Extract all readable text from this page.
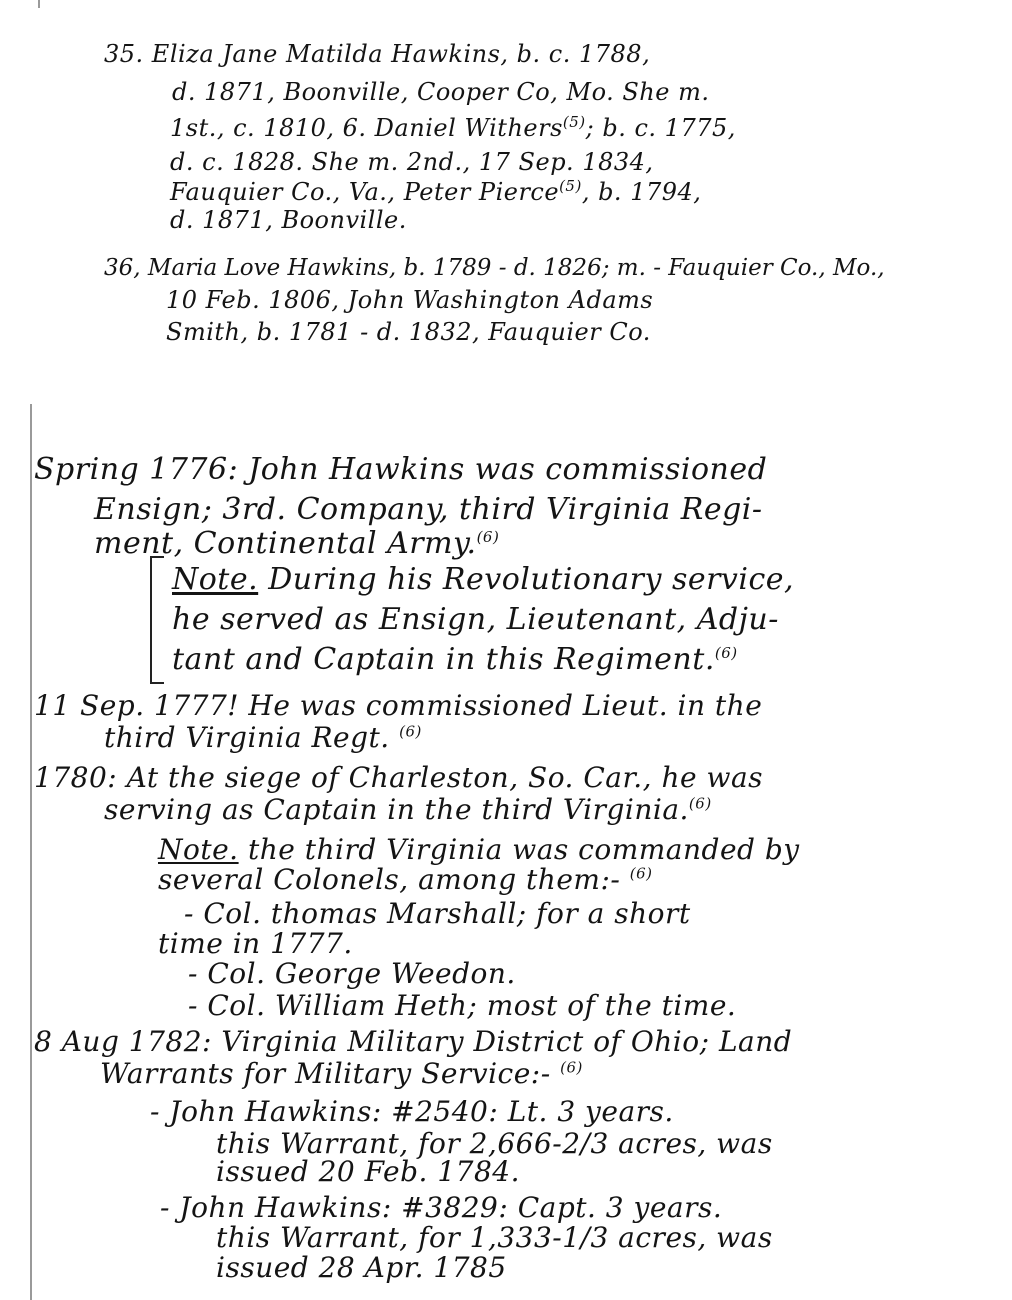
35. Eliza Jane Matilda Hawkins, b. c. 1788,
d. 1871, Boonville, Cooper Co, Mo. She m.
1st., c. 1810, 6. Daniel Withers$^{(5)}$; b. c. 1775,
d. c. 1828. She m. 2nd., 17 Sep. 1834,
Fauquier Co., Va., Peter Pierce$^{(5)}$, b. 1794,
d. 1871, Boonville.
36, Maria Love Hawkins, b. 1789 - d. 1826; m. - Fauquier Co., Mo.,
10 Feb. 1806, John Washington Adams
Smith, b. 1781 - d. 1832, Fauquier Co.
Spring 1776: John Hawkins was commissioned
Ensign; 3rd. Company, third Virginia Regi-
ment, Continental Army.$^{(6)}$
Note. During his Revolutionary service,
he served as Ensign, Lieutenant, Adju-
tant and Captain in this Regiment.$^{(6)}$
11 Sep. 1777! He was commissioned Lieut. in the
third Virginia Regt. $^{(6)}$
1780: At the siege of Charleston, So. Car., he was
serving as Captain in the third Virginia.$^{(6)}$
Note. the third Virginia was commanded by
several Colonels, among them:- $^{(6)}$
- Col. thomas Marshall; for a short
time in 1777.
- Col. George Weedon.
- Col. William Heth; most of the time.
8 Aug 1782: Virginia Military District of Ohio; Land
Warrants for Military Service:- $^{(6)}$
- John Hawkins: #2540: Lt. 3 years.
this Warrant, for 2,666-2/3 acres, was
issued 20 Feb. 1784.
- John Hawkins: #3829: Capt. 3 years.
this Warrant, for 1,333-1/3 acres, was
issued 28 Apr. 1785
